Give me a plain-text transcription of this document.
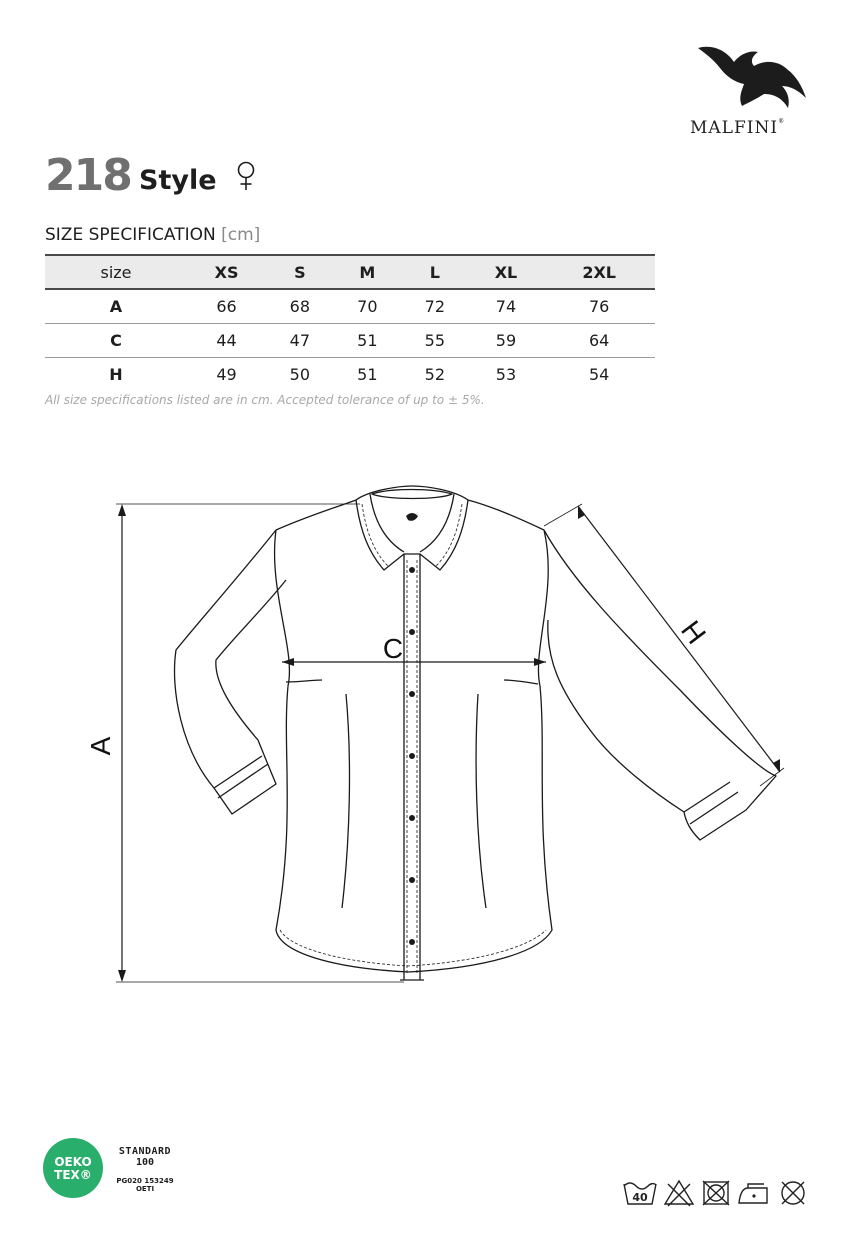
MALFINI®
218 Style
SIZE SPECIFICATION [cm]
size	XS	S	M	L	XL	2XL
A	66	68	70	72	74	76
C	44	47	51	55	59	64
H	49	50	51	52	53	54
All size specifications listed are in cm. Accepted tolerance of up to ± 5%.
A
C	H
OEKO
TEX®
STANDARD
100
PG020 153249
OETI
40
